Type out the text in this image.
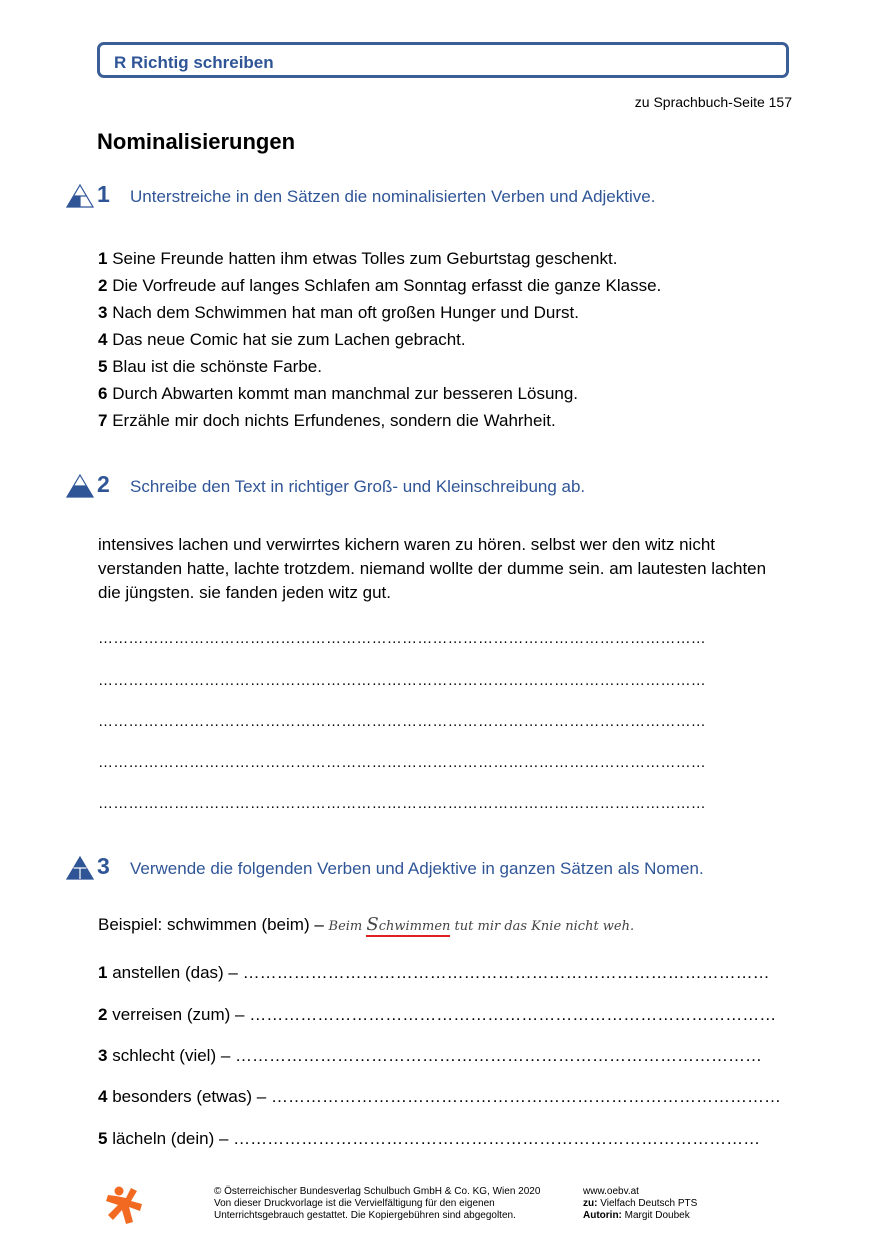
R Richtig schreiben
zu Sprachbuch-Seite 157
Nominalisierungen
1 Unterstreiche in den Sätzen die nominalisierten Verben und Adjektive.
1 Seine Freunde hatten ihm etwas Tolles zum Geburtstag geschenkt.
2 Die Vorfreude auf langes Schlafen am Sonntag erfasst die ganze Klasse.
3 Nach dem Schwimmen hat man oft großen Hunger und Durst.
4 Das neue Comic hat sie zum Lachen gebracht.
5 Blau ist die schönste Farbe.
6 Durch Abwarten kommt man manchmal zur besseren Lösung.
7 Erzähle mir doch nichts Erfundenes, sondern die Wahrheit.
2 Schreibe den Text in richtiger Groß- und Kleinschreibung ab.
intensives lachen und verwirrtes kichern waren zu hören. selbst wer den witz nicht verstanden hatte, lachte trotzdem. niemand wollte der dumme sein. am lautesten lachten die jüngsten. sie fanden jeden witz gut.
…………………………………………………………………………………………………………
…………………………………………………………………………………………………………
…………………………………………………………………………………………………………
…………………………………………………………………………………………………………
…………………………………………………………………………………………………………
3 Verwende die folgenden Verben und Adjektive in ganzen Sätzen als Nomen.
Beispiel: schwimmen (beim) – Beim Schwimmen tut mir das Knie nicht weh.
1 anstellen (das) – …………………………………………………………………………………
2 verreisen (zum) – …………………………………………………………………………………
3 schlecht (viel) – …………………………………………………………………………………
4 besonders (etwas) – ………………………………………………………………………………
5 lächeln (dein) – …………………………………………………………………………………
© Österreichischer Bundesverlag Schulbuch GmbH & Co. KG, Wien 2020
Von dieser Druckvorlage ist die Vervielfältigung für den eigenen
Unterrichtsgebrauch gestattet. Die Kopiergebühren sind abgegolten.
www.oebv.at
zu: Vielfach Deutsch PTS
Autorin: Margit Doubek
